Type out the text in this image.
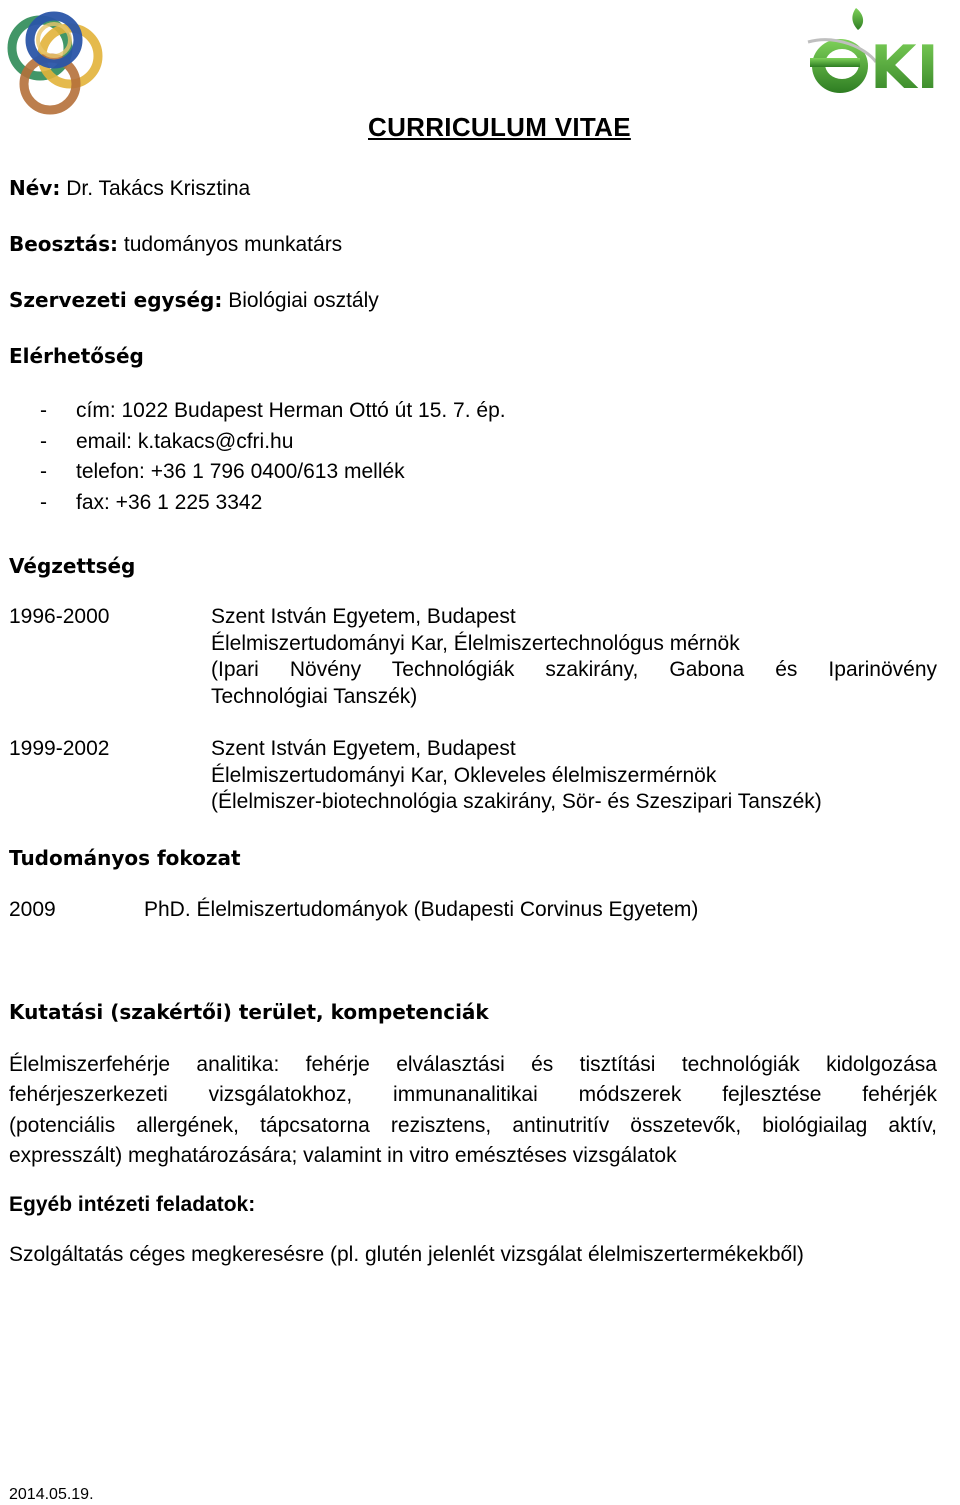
KI
CURRICULUM VITAE
Név: Dr. Takács Krisztina
Beosztás: tudományos munkatárs
Szervezeti egység: Biológiai osztály
Elérhetőség
- cím: 1022 Budapest Herman Ottó út 15. 7. ép.
- email: k.takacs@cfri.hu
- telefon: +36 1 796 0400/613 mellék
- fax: +36 1 225 3342
Végzettség
1996-2000	Szent István Egyetem, Budapest
Élelmiszertudományi Kar, Élelmiszertechnológus mérnök
(Ipari Növény Technológiák szakirány, Gabona és Iparinövény
Technológiai Tanszék)
1999-2002	Szent István Egyetem, Budapest
Élelmiszertudományi Kar, Okleveles élelmiszermérnök
(Élelmiszer-biotechnológia szakirány, Sör- és Szeszipari Tanszék)
Tudományos fokozat
2009	PhD. Élelmiszertudományok (Budapesti Corvinus Egyetem)
Kutatási (szakértői) terület, kompetenciák
Élelmiszerfehérje analitika: fehérje elválasztási és tisztítási technológiák kidolgozása
fehérjeszerkezeti vizsgálatokhoz, immunanalitikai módszerek fejlesztése fehérjék
(potenciális allergének, tápcsatorna rezisztens, antinutritív összetevők, biológiailag aktív,
expresszált) meghatározására; valamint in vitro emésztéses vizsgálatok
Egyéb intézeti feladatok:
Szolgáltatás céges megkeresésre (pl. glutén jelenlét vizsgálat élelmiszertermékekből)
2014.05.19.
